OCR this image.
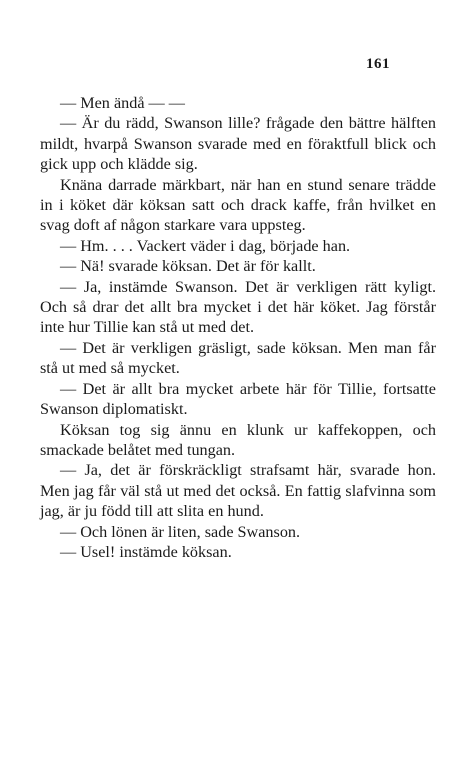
161

— Men ändå — —

— Är du rädd, Swanson lille? frågade den bättre hälften mildt, hvarpå Swanson svarade med en föraktfull blick och gick upp och klädde sig.

Knäna darrade märkbart, när han en stund senare trädde in i köket där köksan satt och drack kaffe, från hvilket en svag doft af någon starkare vara uppsteg.

— Hm. . . . Vackert väder i dag, började han.

— Nä! svarade köksan. Det är för kallt.

— Ja, instämde Swanson. Det är verkligen rätt kyligt. Och så drar det allt bra mycket i det här köket. Jag förstår inte hur Tillie kan stå ut med det.

— Det är verkligen gräsligt, sade köksan. Men man får stå ut med så mycket.

— Det är allt bra mycket arbete här för Tillie, fortsatte Swanson diplomatiskt.

Köksan tog sig ännu en klunk ur kaffekoppen, och smackade belåtet med tungan.

— Ja, det är förskräckligt strafsamt här, svarade hon. Men jag får väl stå ut med det också. En fattig slafvinna som jag, är ju född till att slita en hund.

— Och lönen är liten, sade Swanson.

— Usel! instämde köksan.
